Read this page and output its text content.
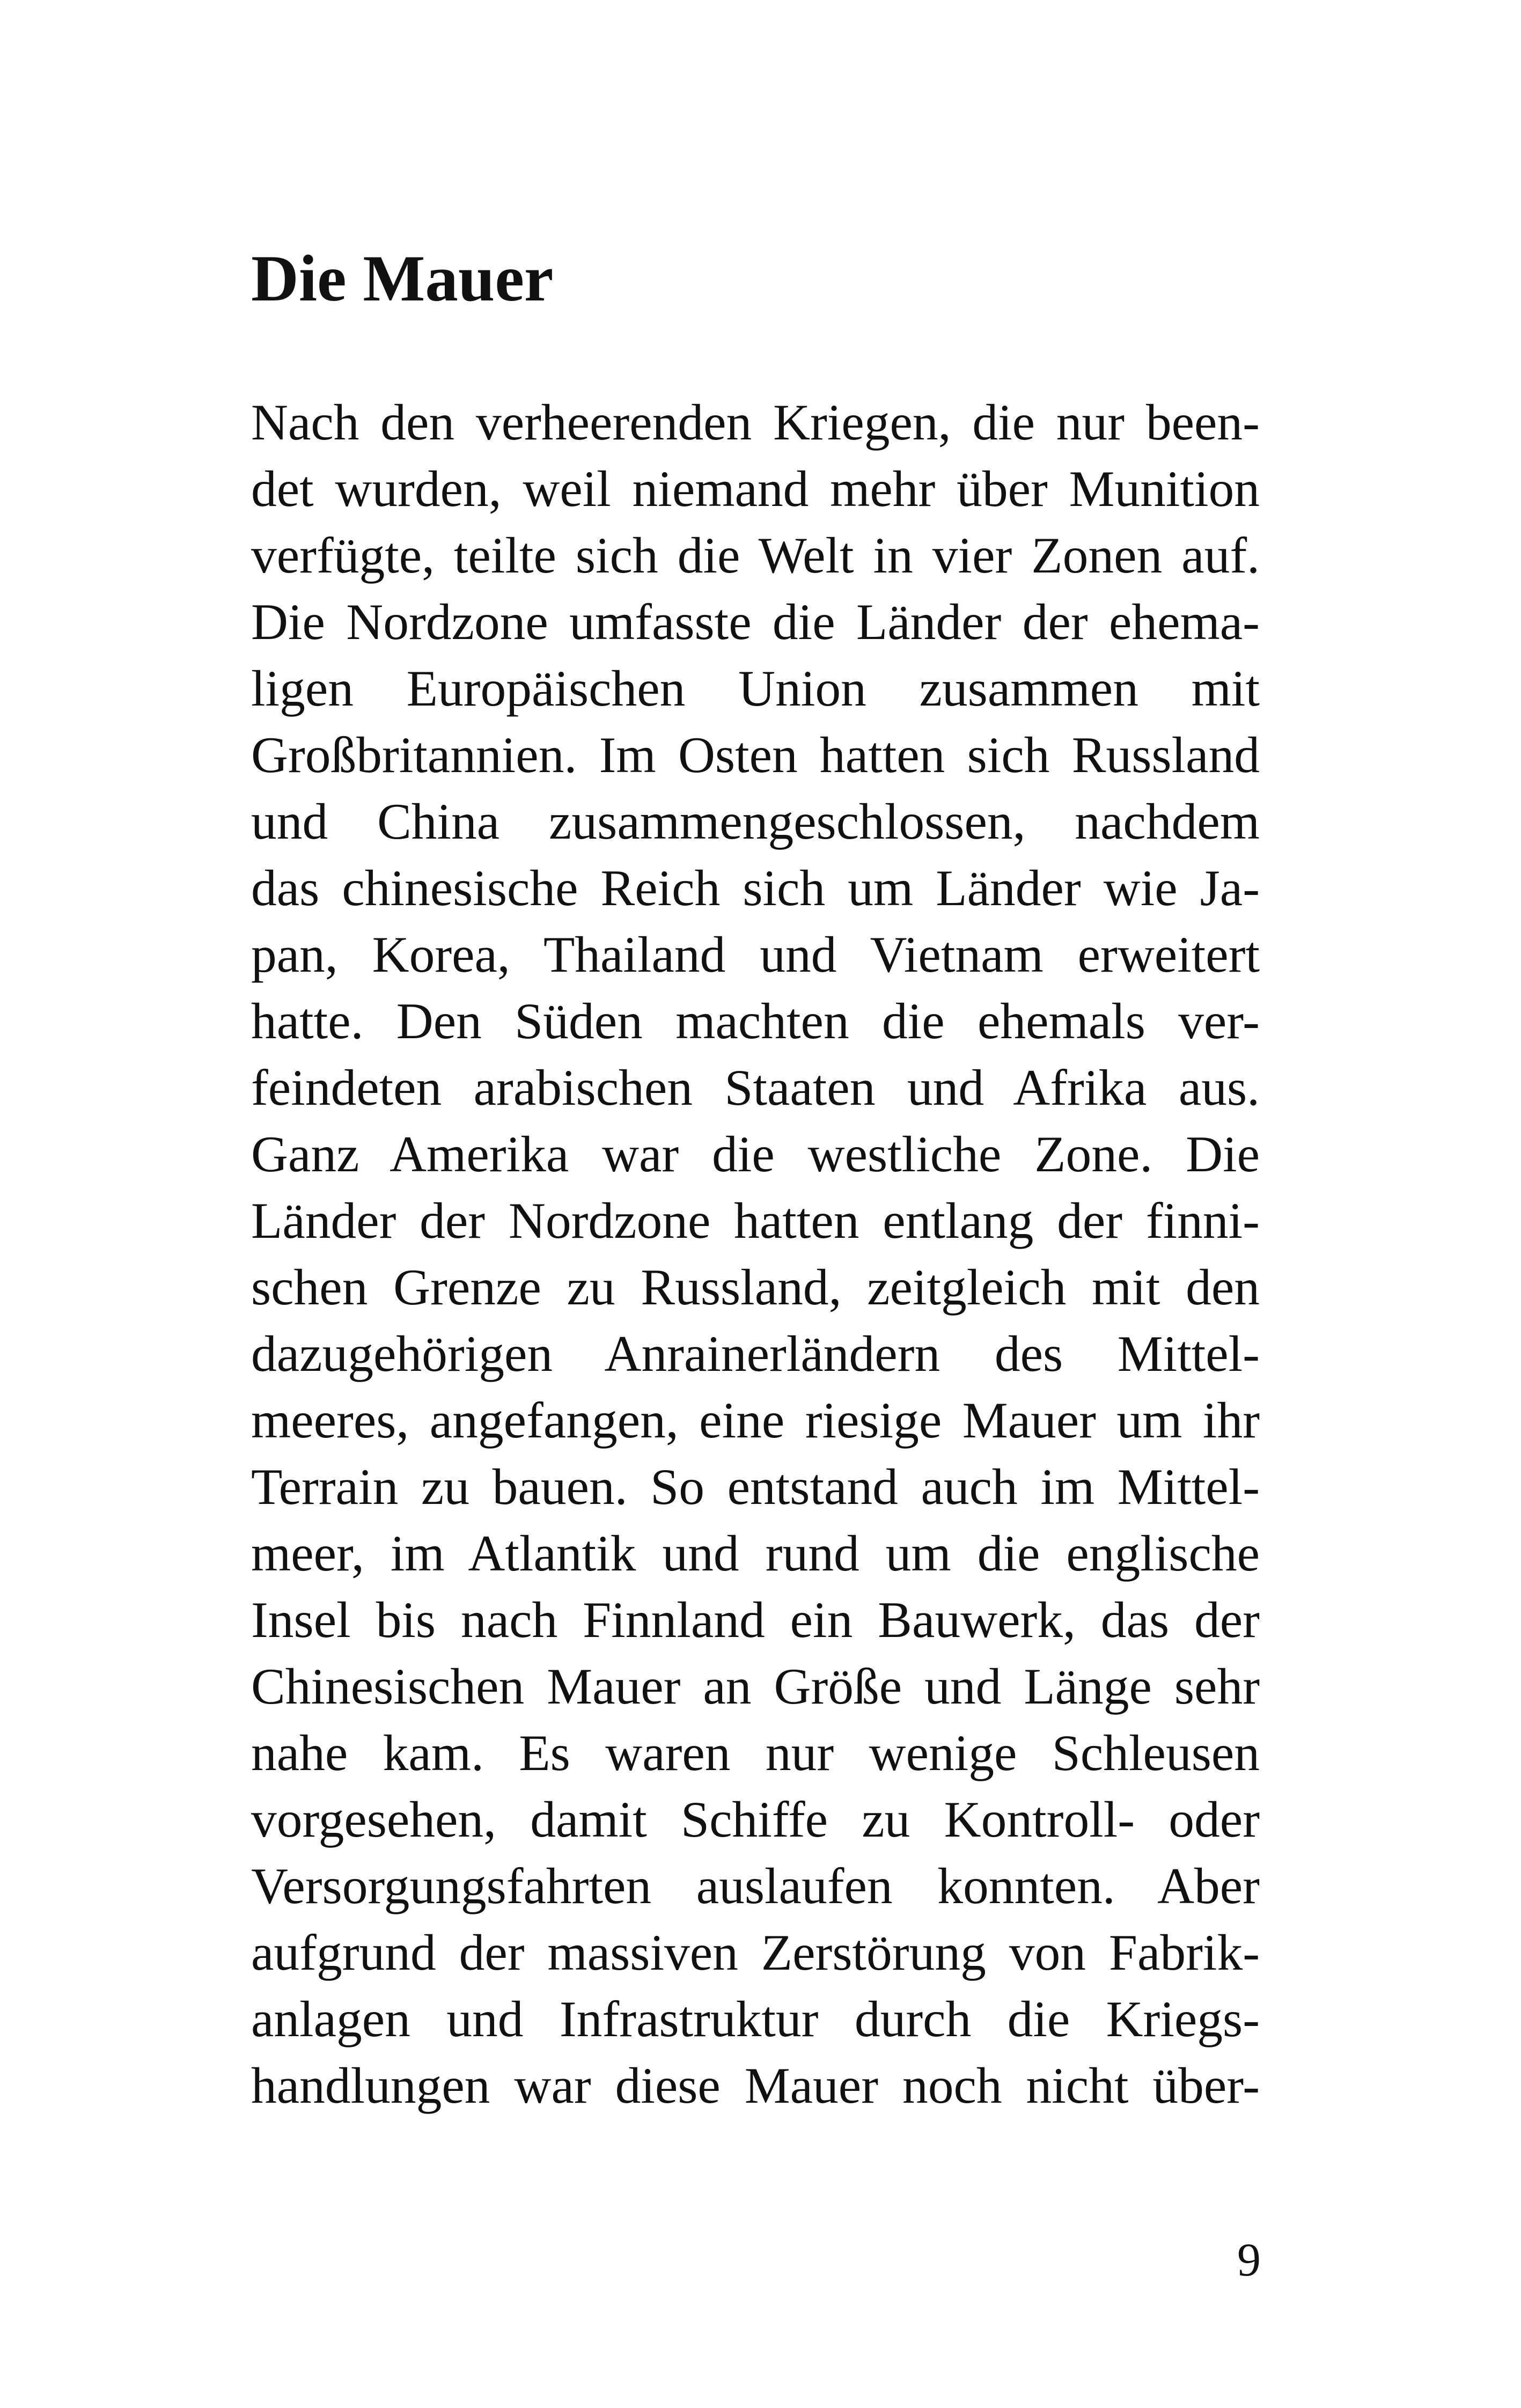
Die Mauer
Nach den verheerenden Kriegen, die nur been-
det wurden, weil niemand mehr über Munition
verfügte, teilte sich die Welt in vier Zonen auf.
Die Nordzone umfasste die Länder der ehema-
ligen Europäischen Union zusammen mit
Großbritannien. Im Osten hatten sich Russland
und China zusammengeschlossen, nachdem
das chinesische Reich sich um Länder wie Ja-
pan, Korea, Thailand und Vietnam erweitert
hatte. Den Süden machten die ehemals ver-
feindeten arabischen Staaten und Afrika aus.
Ganz Amerika war die westliche Zone. Die
Länder der Nordzone hatten entlang der finni-
schen Grenze zu Russland, zeitgleich mit den
dazugehörigen Anrainerländern des Mittel-
meeres, angefangen, eine riesige Mauer um ihr
Terrain zu bauen. So entstand auch im Mittel-
meer, im Atlantik und rund um die englische
Insel bis nach Finnland ein Bauwerk, das der
Chinesischen Mauer an Größe und Länge sehr
nahe kam. Es waren nur wenige Schleusen
vorgesehen, damit Schiffe zu Kontroll- oder
Versorgungsfahrten auslaufen konnten. Aber
aufgrund der massiven Zerstörung von Fabrik-
anlagen und Infrastruktur durch die Kriegs-
handlungen war diese Mauer noch nicht über-
9
